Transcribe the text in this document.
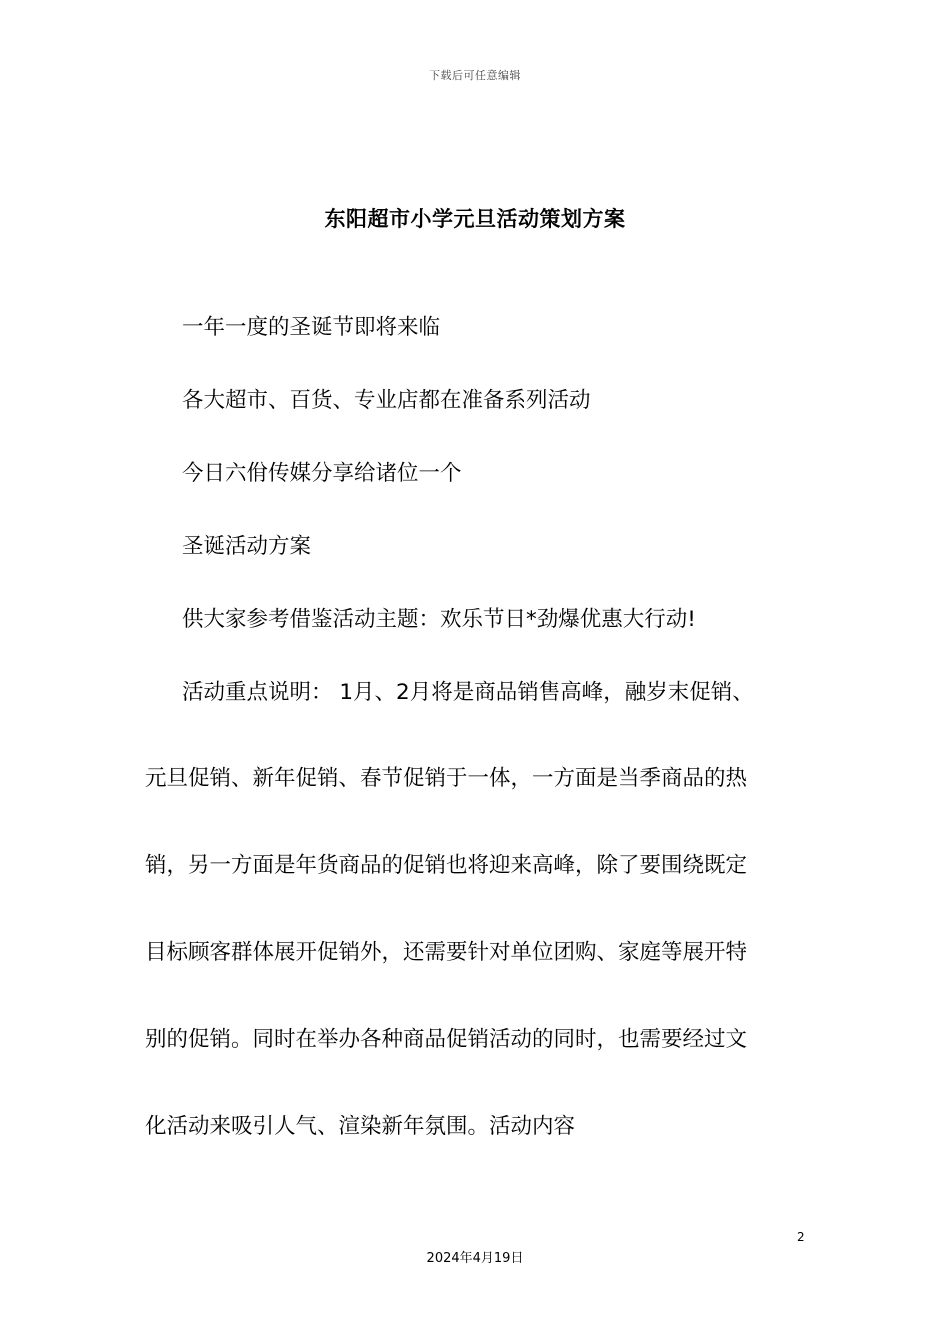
下载后可任意编辑
东阳超市小学元旦活动策划方案
一年一度的圣诞节即将来临
各大超市、百货、专业店都在准备系列活动
今日六佾传媒分享给诸位一个
圣诞活动方案
供大家参考借鉴活动主题：欢乐节日*劲爆优惠大行动!
活动重点说明： 1月、2月将是商品销售高峰，融岁末促销、
元旦促销、新年促销、春节促销于一体，一方面是当季商品的热
销，另一方面是年货商品的促销也将迎来高峰，除了要围绕既定
目标顾客群体展开促销外，还需要针对单位团购、家庭等展开特
别的促销。同时在举办各种商品促销活动的同时，也需要经过文
化活动来吸引人气、渲染新年氛围。活动内容
2
2024年4月19日
